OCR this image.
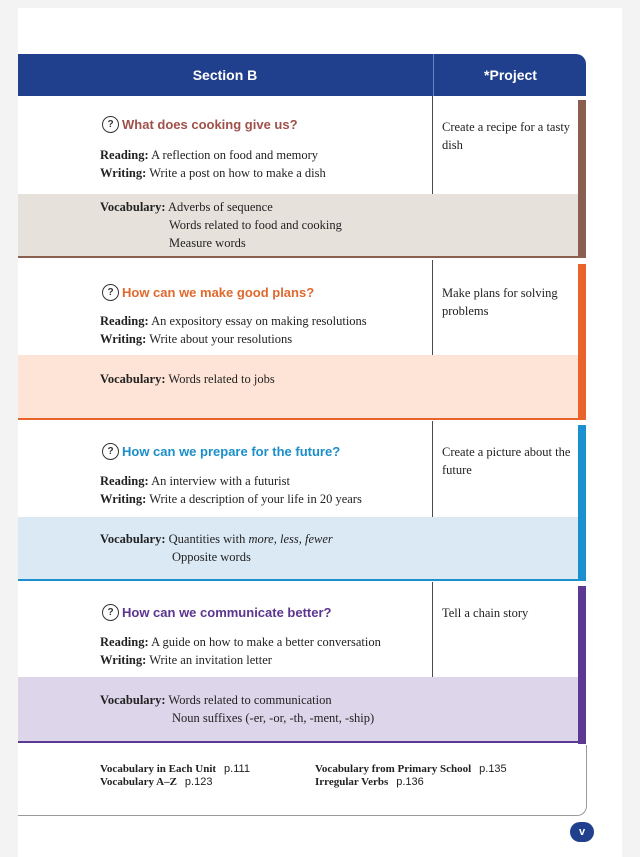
Section B	*Project
? What does cooking give us?
Reading: A reflection on food and memory
Writing: Write a post on how to make a dish
Create a recipe for a tasty dish
Vocabulary: Adverbs of sequence
Words related to food and cooking
Measure words
? How can we make good plans?
Reading: An expository essay on making resolutions
Writing: Write about your resolutions
Make plans for solving problems
Vocabulary: Words related to jobs
? How can we prepare for the future?
Reading: An interview with a futurist
Writing: Write a description of your life in 20 years
Create a picture about the future
Vocabulary: Quantities with more, less, fewer
Opposite words
? How can we communicate better?
Reading: A guide on how to make a better conversation
Writing: Write an invitation letter
Tell a chain story
Vocabulary: Words related to communication
Noun suffixes (-er, -or, -th, -ment, -ship)
Vocabulary in Each Unit p.111
Vocabulary A–Z p.123
Vocabulary from Primary School p.135
Irregular Verbs p.136
v
